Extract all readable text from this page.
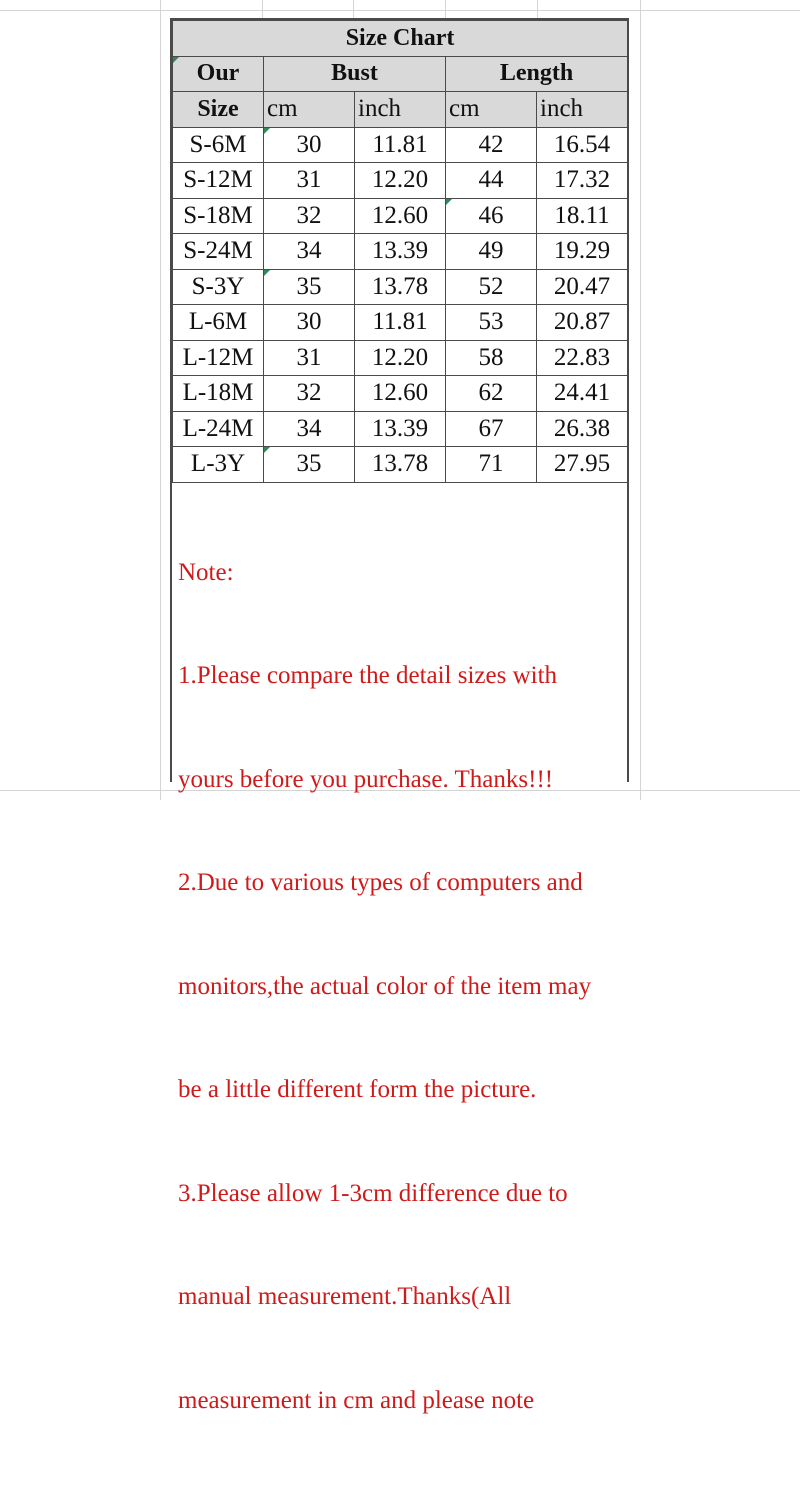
Size Chart				
Our	Bust		Length	
Size	cm	inch	cm	inch
S-6M	30	11.81	42	16.54
S-12M	31	12.20	44	17.32
S-18M	32	12.60	46	18.11
S-24M	34	13.39	49	19.29
S-3Y	35	13.78	52	20.47
L-6M	30	11.81	53	20.87
L-12M	31	12.20	58	22.83
L-18M	32	12.60	62	24.41
L-24M	34	13.39	67	26.38
L-3Y	35	13.78	71	27.95

Note:

1.Please compare the detail sizes with

yours before you purchase. Thanks!!!

2.Due to various types of computers and

monitors,the actual color of the item may

be a little different form the picture.

3.Please allow 1-3cm difference due to

manual measurement.Thanks(All

measurement in cm and please note
